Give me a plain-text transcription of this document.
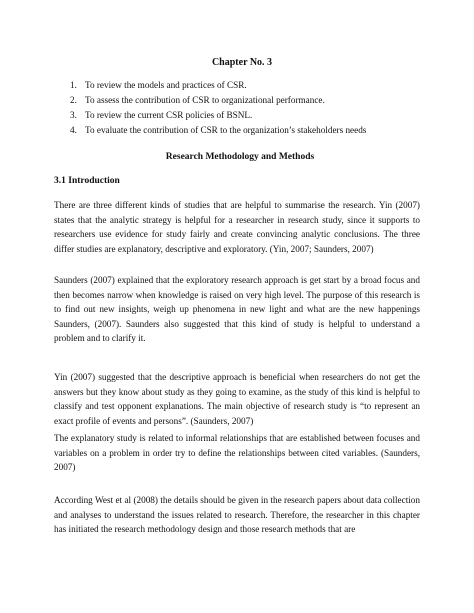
Chapter No. 3
1. To review the models and practices of CSR.
2. To assess the contribution of CSR to organizational performance.
3. To review the current CSR policies of BSNL.
4. To evaluate the contribution of CSR to the organization’s stakeholders needs
Research Methodology and Methods
3.1 Introduction

There are three different kinds of studies that are helpful to summarise the research. Yin (2007) states that the analytic strategy is helpful for a researcher in research study, since it supports to researchers use evidence for study fairly and create convincing analytic conclusions. The three differ studies are explanatory, descriptive and exploratory. (Yin, 2007; Saunders, 2007)

Saunders (2007) explained that the exploratory research approach is get start by a broad focus and then becomes narrow when knowledge is raised on very high level. The purpose of this research is to find out new insights, weigh up phenomena in new light and what are the new happenings Saunders, (2007). Saunders also suggested that this kind of study is helpful to understand a problem and to clarify it.

Yin (2007) suggested that the descriptive approach is beneficial when researchers do not get the answers but they know about study as they going to examine, as the study of this kind is helpful to classify and test opponent explanations. The main objective of research study is “to represent an exact profile of events and persons”. (Saunders, 2007)

The explanatory study is related to informal relationships that are established between focuses and variables on a problem in order try to define the relationships between cited variables. (Saunders, 2007)

According West et al (2008) the details should be given in the research papers about data collection and analyses to understand the issues related to research. Therefore, the researcher in this chapter has initiated the research methodology design and those research methods that are
